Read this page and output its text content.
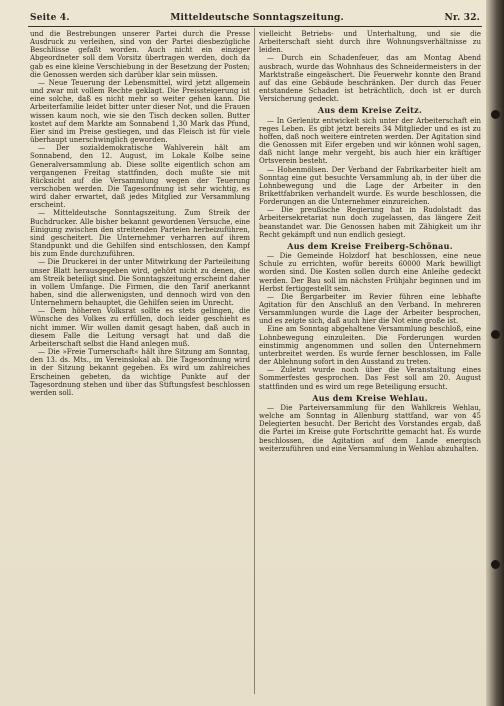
Seite 4.	Mitteldeutsche Sonntagszeitung.	Nr. 32.

und die Bestrebungen unserer Partei durch die Presse Ausdruck zu verleihen, sind von der Partei diesbezügliche Beschlüsse gefaßt worden. Auch nicht ein einziger Abgeordneter soll dem Vorsitz übertragen werden, doch da gab es eine kleine Verschiebung in der Besetzung der Posten; die Genossen werden sich darüber klar sein müssen.

— Neue Teuerung der Lebensmittel, wird jetzt allgemein und zwar mit vollem Rechte geklagt. Die Preissteigerung ist eine solche, daß es nicht mehr so weiter gehen kann. Die Arbeiterfamilie leidet bitter unter dieser Not, und die Frauen wissen kaum noch, wie sie den Tisch decken sollen. Butter kostet auf dem Markte am Sonnabend 1,30 Mark das Pfund, Eier sind im Preise gestiegen, und das Fleisch ist für viele überhaupt unerschwinglich geworden.

— Der sozialdemokratische Wahlverein hält am Sonnabend, den 12. August, im Lokale Kolbe seine Generalversammlung ab. Diese sollte eigentlich schon am vergangenen Freitag stattfinden, doch mußte sie mit Rücksicht auf die Versammlung wegen der Teuerung verschoben werden. Die Tagesordnung ist sehr wichtig, es wird daher erwartet, daß jedes Mitglied zur Versammlung erscheint.

— Mitteldeutsche Sonntagszeitung. Zum Streik der Buchdrucker. Alle bisher bekannt gewordenen Versuche, eine Einigung zwischen den streitenden Parteien herbeizuführen, sind gescheitert. Die Unternehmer verharren auf ihrem Standpunkt und die Gehilfen sind entschlossen, den Kampf bis zum Ende durchzuführen.

— Die Druckerei in der unter Mitwirkung der Parteileitung unser Blatt herausgegeben wird, gehört nicht zu denen, die am Streik beteiligt sind. Die Sonntagszeitung erscheint daher in vollem Umfange. Die Firmen, die den Tarif anerkannt haben, sind die allerwenigsten, und dennoch wird von den Unternehmern behauptet, die Gehilfen seien im Unrecht.

— Dem höheren Volksrat sollte es stets gelingen, die Wünsche des Volkes zu erfüllen, doch leider geschieht es nicht immer. Wir wollen damit gesagt haben, daß auch in diesem Falle die Leitung versagt hat und daß die Arbeiterschaft selbst die Hand anlegen muß.

— Die »Freie Turnerschaft« hält ihre Sitzung am Sonntag, den 13. ds. Mts., im Vereinslokal ab. Die Tagesordnung wird in der Sitzung bekannt gegeben. Es wird um zahlreiches Erscheinen gebeten, da wichtige Punkte auf der Tagesordnung stehen und über das Stiftungsfest beschlossen werden soll.

vielleicht Betriebs- und Unterhaltung, und sie die Arbeiterschaft sieht durch ihre Wohnungsverhältnisse zu leiden.

— Durch ein Schadenfeuer, das am Montag Abend ausbrach, wurde das Wohnhaus des Schneidermeisters in der Marktstraße eingeäschert. Die Feuerwehr konnte den Brand auf das eine Gebäude beschränken. Der durch das Feuer entstandene Schaden ist beträchtlich, doch ist er durch Versicherung gedeckt.

Aus dem Kreise Zeitz.

— In Gerlenitz entwickelt sich unter der Arbeiterschaft ein reges Leben. Es gibt jetzt bereits 34 Mitglieder und es ist zu hoffen, daß noch weitere eintreten werden. Der Agitation sind die Genossen mit Eifer ergeben und wir können wohl sagen, daß nicht lange mehr vergeht, bis auch hier ein kräftiger Ortsverein besteht.

— Hohenmölsen. Der Verband der Fabrikarbeiter hielt am Sonntag eine gut besuchte Versammlung ab, in der über die Lohnbewegung und die Lage der Arbeiter in den Brikettfabriken verhandelt wurde. Es wurde beschlossen, die Forderungen an die Unternehmer einzureichen.

— Die preußische Regierung hat in Rudolstadt das Arbeitersekretariat nun doch zugelassen, das längere Zeit beanstandet war. Die Genossen haben mit Zähigkeit um ihr Recht gekämpft und nun endlich gesiegt.

Aus dem Kreise Freiberg-Schönau.

— Die Gemeinde Holzdorf hat beschlossen, eine neue Schule zu errichten, wofür bereits 60000 Mark bewilligt worden sind. Die Kosten sollen durch eine Anleihe gedeckt werden. Der Bau soll im nächsten Frühjahr beginnen und im Herbst fertiggestellt sein.

— Die Bergarbeiter im Revier führen eine lebhafte Agitation für den Anschluß an den Verband. In mehreren Versammlungen wurde die Lage der Arbeiter besprochen, und es zeigte sich, daß auch hier die Not eine große ist.

Eine am Sonntag abgehaltene Versammlung beschloß, eine Lohnbewegung einzuleiten. Die Forderungen wurden einstimmig angenommen und sollen den Unternehmern unterbreitet werden. Es wurde ferner beschlossen, im Falle der Ablehnung sofort in den Ausstand zu treten.

— Zuletzt wurde noch über die Veranstaltung eines Sommerfestes gesprochen. Das Fest soll am 20. August stattfinden und es wird um rege Beteiligung ersucht.

Aus dem Kreise Wehlau.

— Die Parteiversammlung für den Wahlkreis Wehlau, welche am Sonntag in Allenburg stattfand, war von 45 Delegierten besucht. Der Bericht des Vorstandes ergab, daß die Partei im Kreise gute Fortschritte gemacht hat. Es wurde beschlossen, die Agitation auf dem Lande energisch weiterzuführen und eine Versammlung in Wehlau abzuhalten.
